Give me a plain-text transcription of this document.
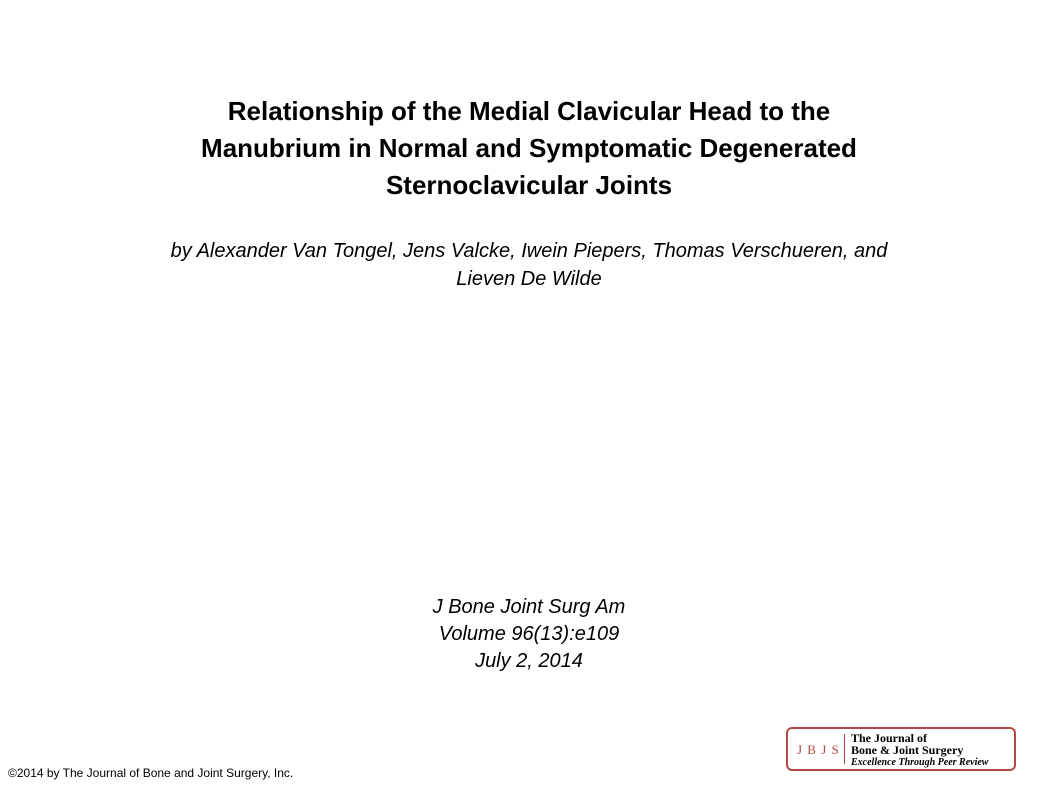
Relationship of the Medial Clavicular Head to the
Manubrium in Normal and Symptomatic Degenerated
Sternoclavicular Joints

by Alexander Van Tongel, Jens Valcke, Iwein Piepers, Thomas Verschueren, and
Lieven De Wilde

J Bone Joint Surg Am
Volume 96(13):e109
July 2, 2014
©2014 by The Journal of Bone and Joint Surgery, Inc.
J B J S
The Journal of
Bone & Joint Surgery
Excellence Through Peer Review
